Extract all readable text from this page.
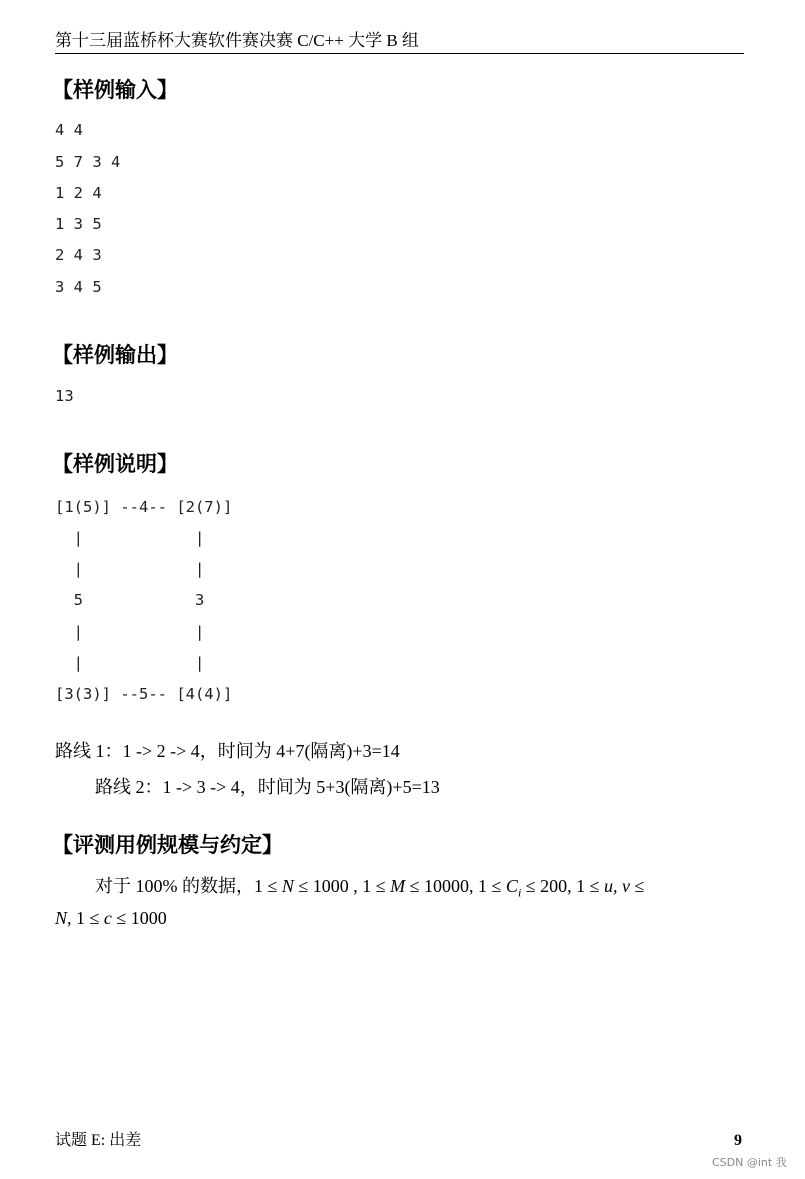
第十三届蓝桥杯大赛软件赛决赛 C/C++ 大学 B 组
【样例输入】
4 4
5 7 3 4
1 2 4
1 3 5
2 4 3
3 4 5
【样例输出】
13
【样例说明】
[1(5)] --4-- [2(7)]
|            |
|            |
5            3
|            |
|            |
[3(3)] --5-- [4(4)]
路线 1：1 -> 2 -> 4，时间为 4+7(隔离)+3=14
路线 2：1 -> 3 -> 4，时间为 5+3(隔离)+5=13
【评测用例规模与约定】
对于 100% 的数据，1 ≤ N ≤ 1000 , 1 ≤ M ≤ 10000, $1 \le C_i \le 200$, 1 ≤ u, v ≤
N, 1 ≤ c ≤ 1000
试题 E: 出差	9
CSDN @int 我
